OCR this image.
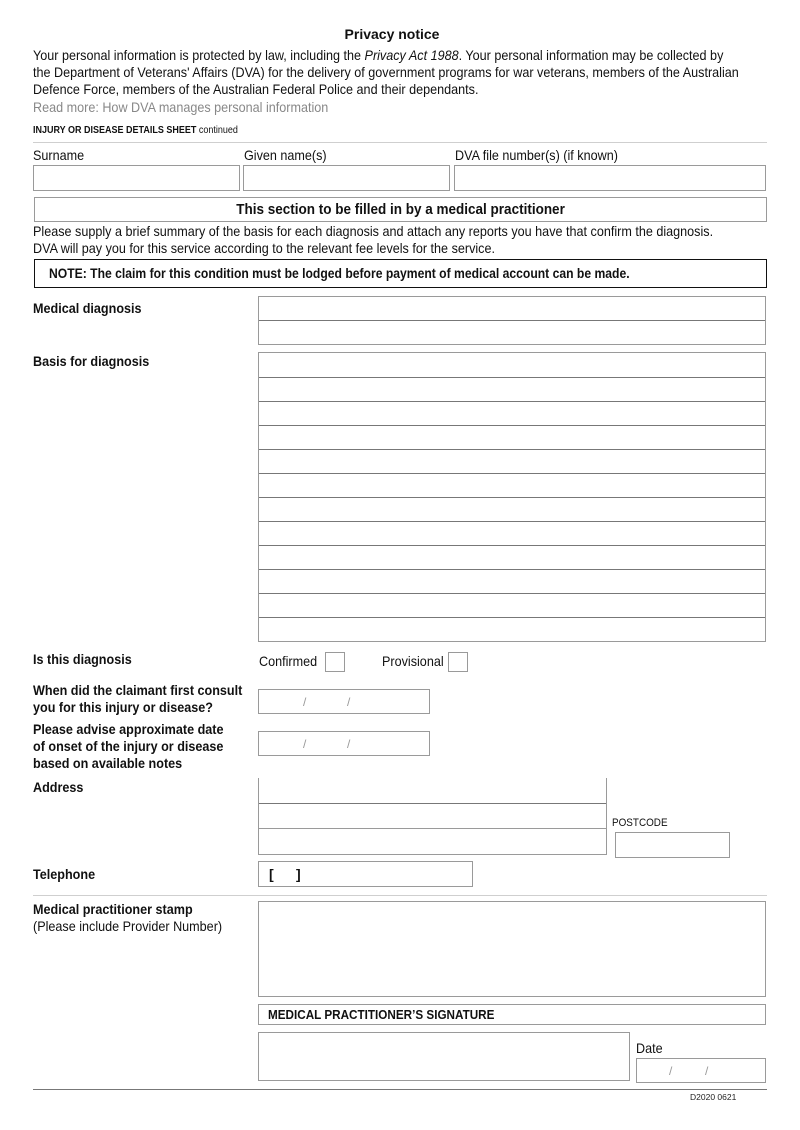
Privacy notice
Your personal information is protected by law, including the Privacy Act 1988. Your personal information may be collected by
the Department of Veterans' Affairs (DVA) for the delivery of government programs for war veterans, members of the Australian
Defence Force, members of the Australian Federal Police and their dependants.
Read more: How DVA manages personal information
INJURY OR DISEASE DETAILS SHEET continued
Surname	Given name(s)	DVA file number(s) (if known)
This section to be filled in by a medical practitioner
Please supply a brief summary of the basis for each diagnosis and attach any reports you have that confirm the diagnosis.
DVA will pay you for this service according to the relevant fee levels for the service.
NOTE: The claim for this condition must be lodged before payment of medical account can be made.
Medical diagnosis
Basis for diagnosis
Is this diagnosis	Confirmed	Provisional
When did the claimant first consult
you for this injury or disease?	/	/
Please advise approximate date
of onset of the injury or disease
based on available notes
/	/
Address
POSTCODE
Telephone	[ ]
Medical practitioner stamp
(Please include Provider Number)
MEDICAL PRACTITIONER’S SIGNATURE
Date
/	/
D2020 0621
